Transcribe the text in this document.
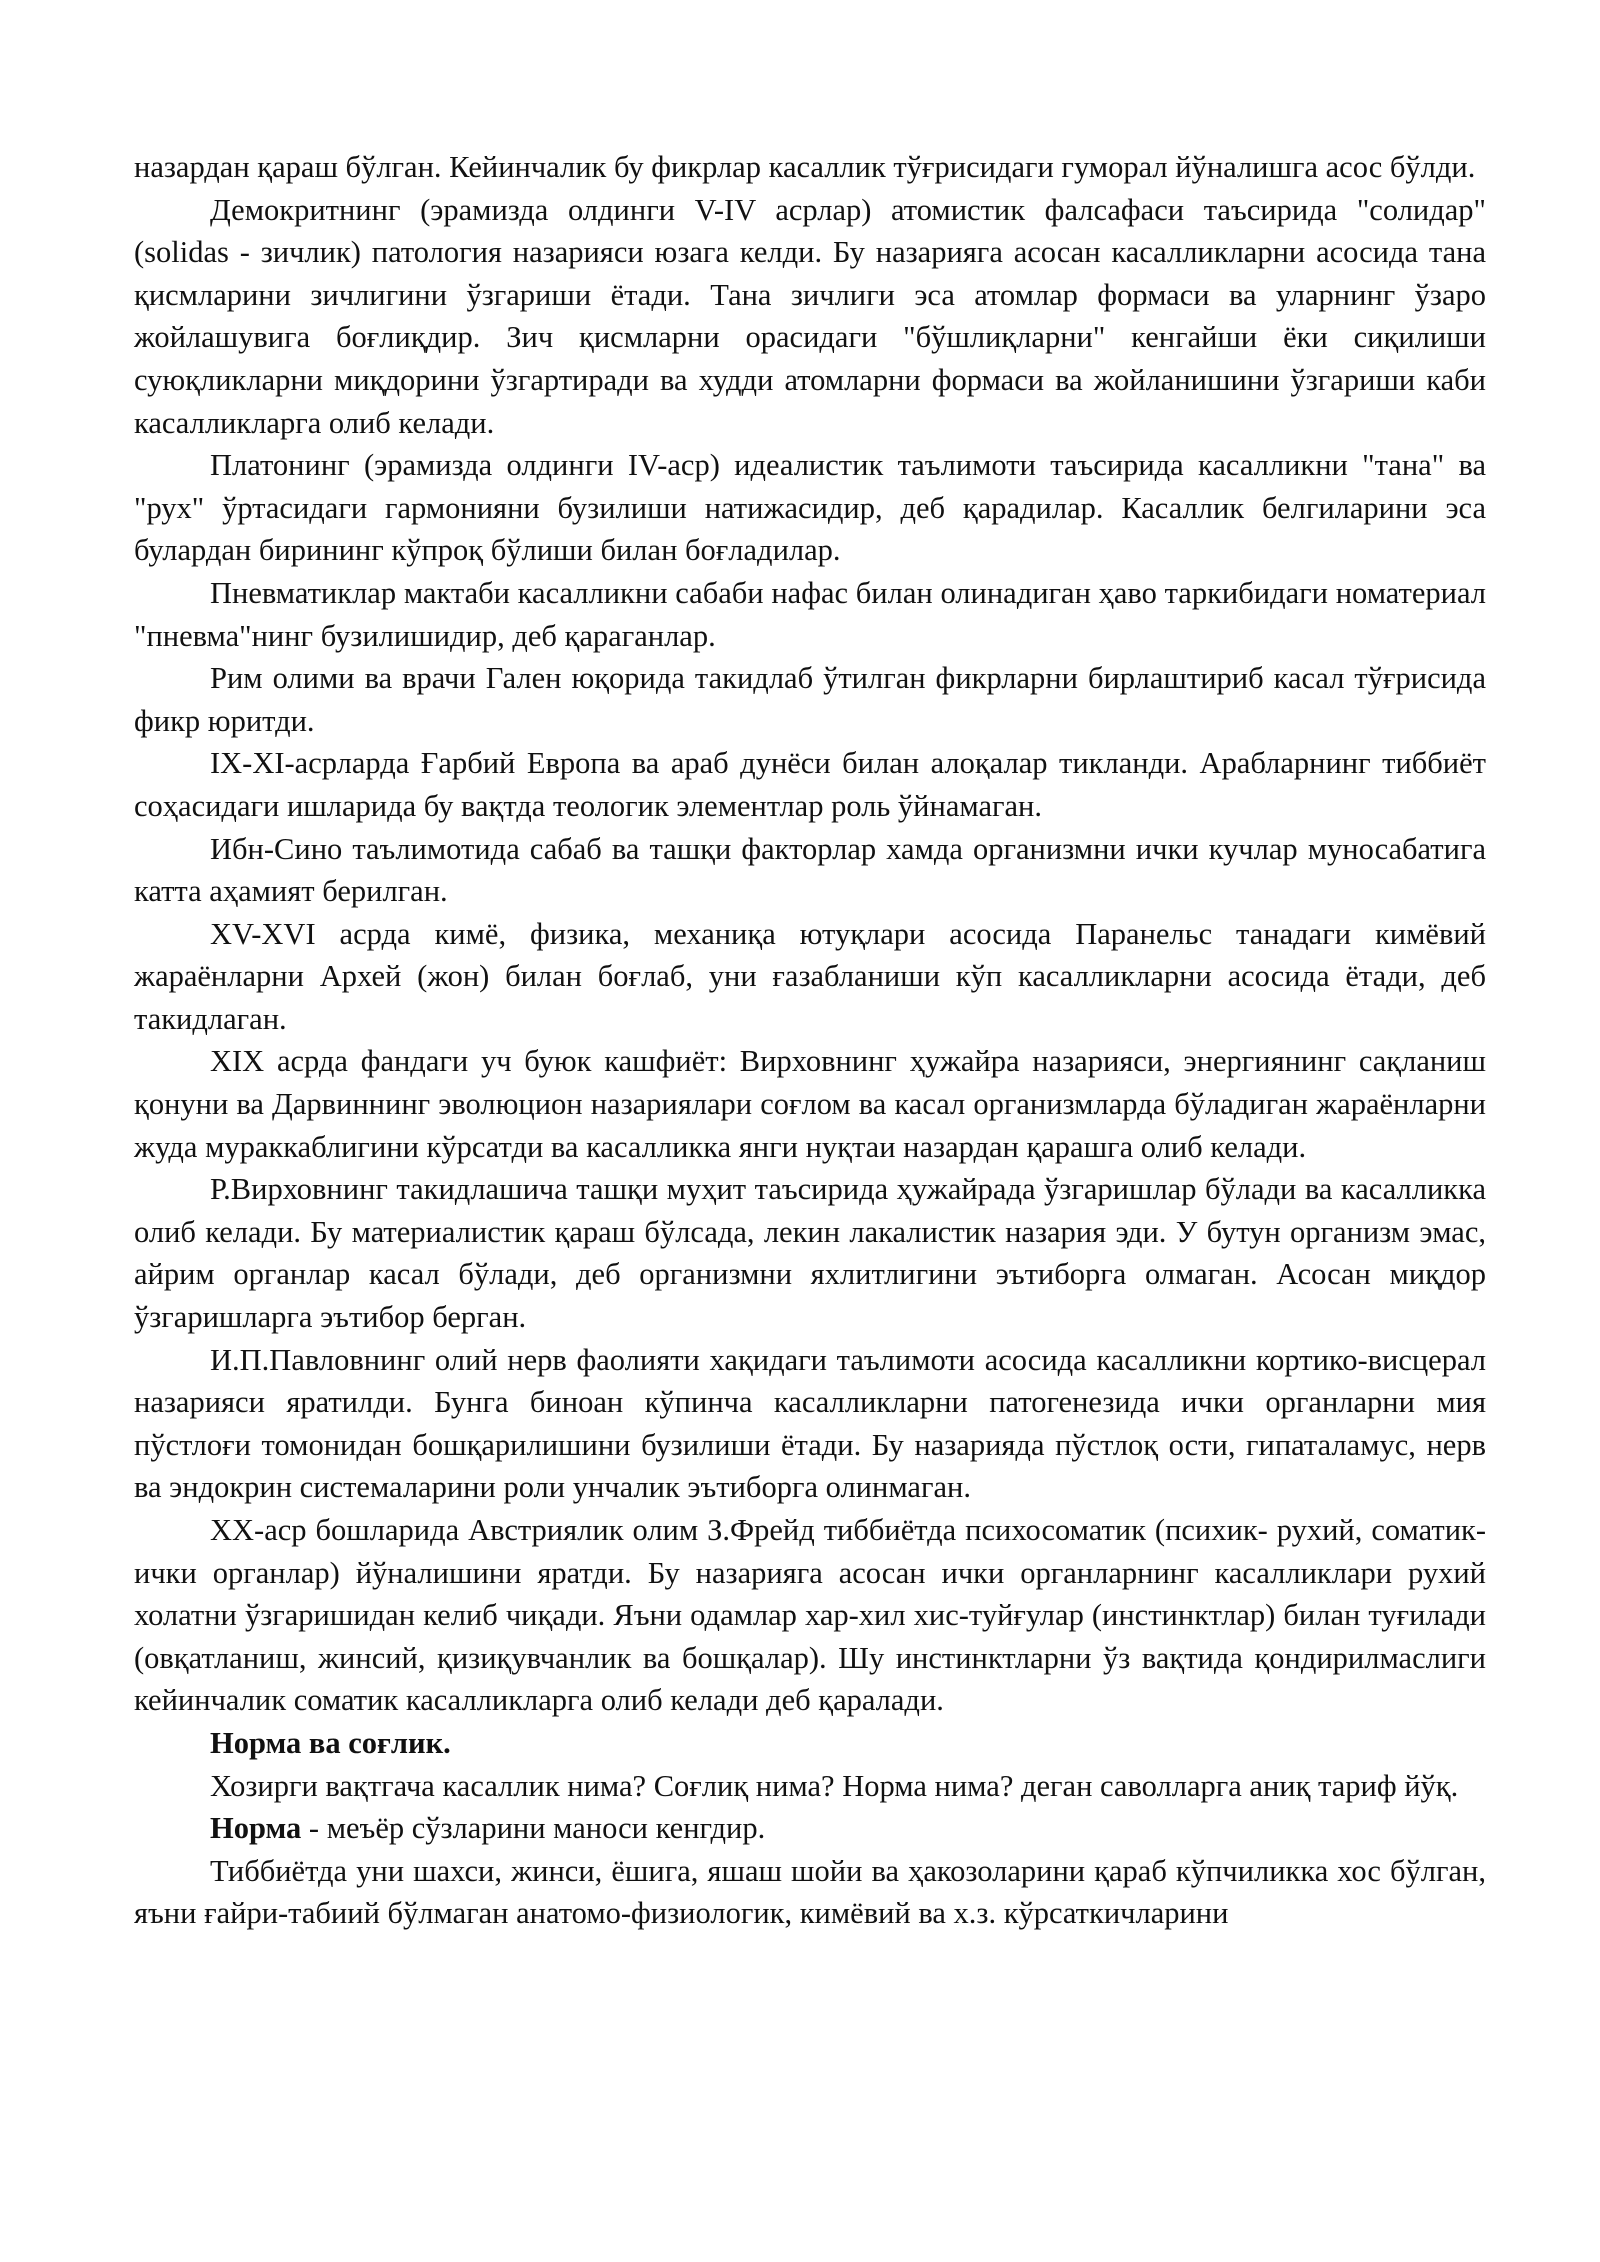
назардан қараш бўлган. Кейинчалик бу фикрлар касаллик тўғрисидаги гуморал йўналишга асос бўлди.

Демокритнинг (эрамизда олдинги V-IV асрлар) атомистик фалсафаси таъсирида "солидар" (solidas - зичлик) патология назарияси юзага келди. Бу назарияга асосан касалликларни асосида тана қисмларини зичлигини ўзгариши ётади. Тана зичлиги эса атомлар формаси ва уларнинг ўзаро жойлашувига боғлиқдир. Зич қисмларни орасидаги "бўшлиқларни" кенгайши ёки сиқилиши суюқликларни миқдорини ўзгартиради ва худди атомларни формаси ва жойланишини ўзгариши каби касалликларга олиб келади.

Платонинг (эрамизда олдинги IV-аср) идеалистик таълимоти таъсирида касалликни "тана" ва "рух" ўртасидаги гармонияни бузилиши натижасидир, деб қарадилар. Касаллик белгиларини эса булардан бирининг кўпроқ бўлиши билан боғладилар.

Пневматиклар мактаби касалликни сабаби нафас билан олинадиган ҳаво таркибидаги номатериал "пневма"нинг бузилишидир, деб қараганлар.

Рим олими ва врачи Гален юқорида такидлаб ўтилган фикрларни бирлаштириб касал тўғрисида фикр юритди.

IX-XI-асрларда Ғарбий Европа ва араб дунёси билан алоқалар тикланди. Арабларнинг тиббиёт соҳасидаги ишларида бу вақтда теологик элементлар роль ўйнамаган.

Ибн-Сино таълимотида сабаб ва ташқи факторлар хамда организмни ички кучлар муносабатига катта аҳамият берилган.

XV-XVI асрда кимё, физика, механиқа ютуқлари асосида Паранельс танадаги кимёвий жараёнларни Архей (жон) билан боғлаб, уни ғазабланиши кўп касалликларни асосида ётади, деб такидлаган.

XIX асрда фандаги уч буюк кашфиёт: Вирховнинг ҳужайра назарияси, энергиянинг сақланиш қонуни ва Дарвиннинг эволюцион назариялари соғлом ва касал организмларда бўладиган жараёнларни жуда мураккаблигини кўрсатди ва касалликка янги нуқтаи назардан қарашга олиб келади.

Р.Вирховнинг такидлашича ташқи муҳит таъсирида ҳужайрада ўзгаришлар бўлади ва касалликка олиб келади. Бу материалистик қараш бўлсада, лекин лакалистик назария эди. У бутун организм эмас, айрим органлар касал бўлади, деб организмни яхлитлигини эътиборга олмаган. Асосан миқдор ўзгаришларга эътибор берган.

И.П.Павловнинг олий нерв фаолияти хақидаги таълимоти асосида касалликни кортико-висцерал назарияси яратилди. Бунга биноан кўпинча касалликларни патогенезида ички органларни мия пўстлоғи томонидан бошқарилишини бузилиши ётади. Бу назарияда пўстлоқ ости, гипаталамус, нерв ва эндокрин системаларини роли унчалик эътиборга олинмаган.

XX-аср бошларида Австриялик олим З.Фрейд тиббиётда психосоматик (психик- рухий, соматик- ички органлар) йўналишини яратди. Бу назарияга асосан ички органларнинг касалликлари рухий холатни ўзгаришидан келиб чиқади. Яъни одамлар хар-хил хис-туйғулар (инстинктлар) билан туғилади (овқатланиш, жинсий, қизиқувчанлик ва бошқалар). Шу инстинктларни ўз вақтида қондирилмаслиги кейинчалик соматик касалликларга олиб келади деб қаралади.

Норма ва соғлик.

Хозирги вақтгача касаллик нима? Соғлиқ нима? Норма нима? деган саволларга аниқ тариф йўқ.

Норма - меъёр сўзларини маноси кенгдир.

Тиббиётда уни шахси, жинси, ёшига, яшаш шойи ва ҳакозоларини қараб кўпчиликка хос бўлган, яъни ғайри-табиий бўлмаган анатомо-физиологик, кимёвий ва х.з. кўрсаткичларини
